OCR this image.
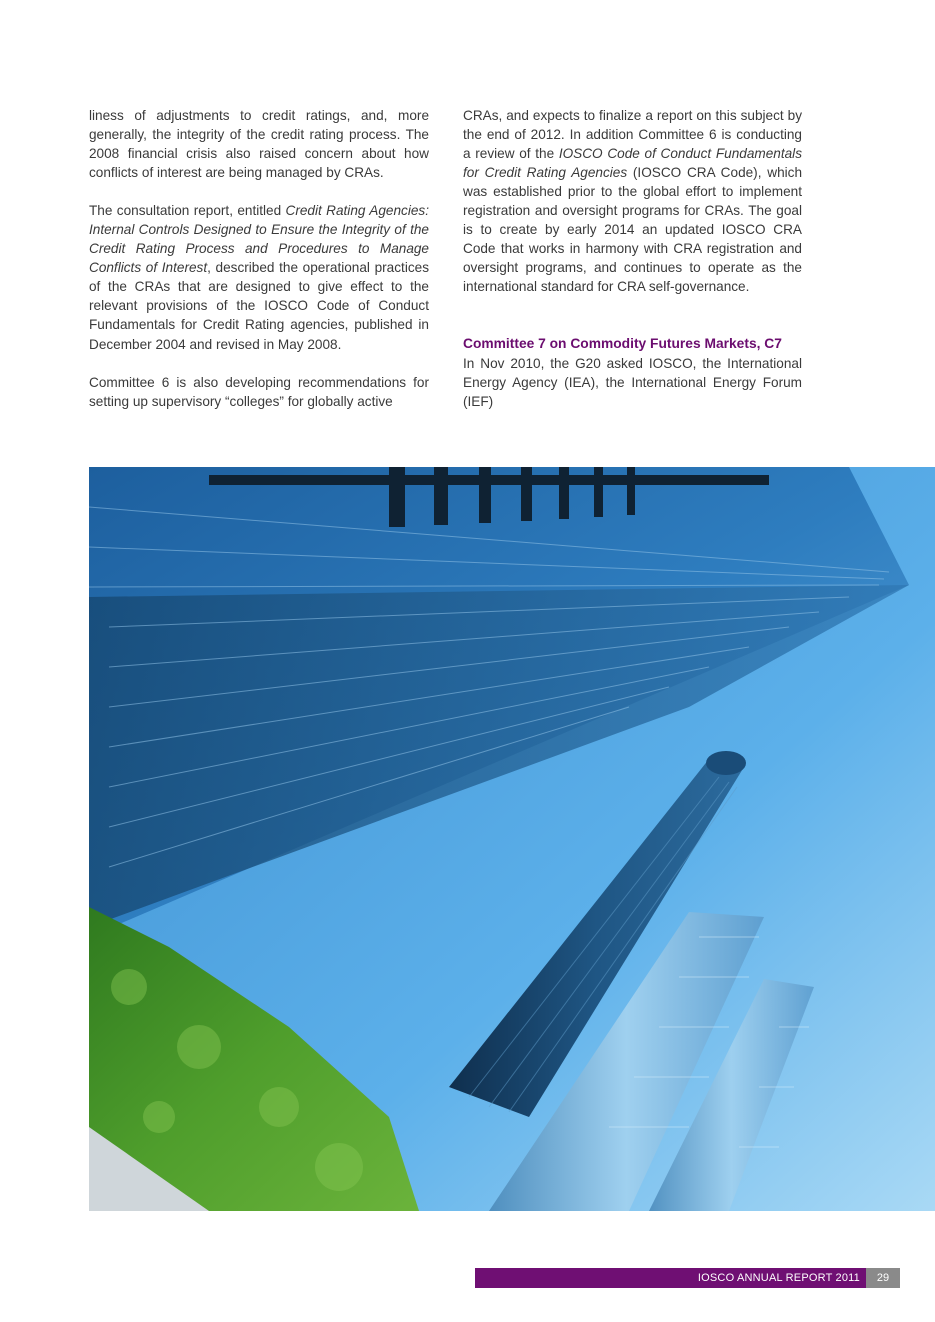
liness of adjustments to credit ratings, and, more generally, the integrity of the credit rating process. The 2008 financial crisis also raised concern about how conflicts of interest are being managed by CRAs.

The consultation report, entitled Credit Rating Agencies: Internal Controls Designed to Ensure the Integrity of the Credit Rating Process and Procedures to Manage Conflicts of Interest, described the operational practices of the CRAs that are designed to give effect to the relevant provisions of the IOSCO Code of Conduct Fundamentals for Credit Rating agencies, published in December 2004 and revised in May 2008.

Committee 6 is also developing recommendations for setting up supervisory “colleges” for globally active

CRAs, and expects to finalize a report on this subject by the end of 2012. In addition Committee 6 is conducting a review of the IOSCO Code of Conduct Fundamentals for Credit Rating Agencies (IOSCO CRA Code), which was established prior to the global effort to implement registration and oversight programs for CRAs. The goal is to create by early 2014 an updated IOSCO CRA Code that works in harmony with CRA registration and oversight programs, and continues to operate as the international standard for CRA self-governance.

Committee 7 on Commodity Futures Markets, C7

In Nov 2010, the G20 asked IOSCO, the International Energy Agency (IEA), the International Energy Forum (IEF)

IOSCO ANNUAL REPORT 2011	29
